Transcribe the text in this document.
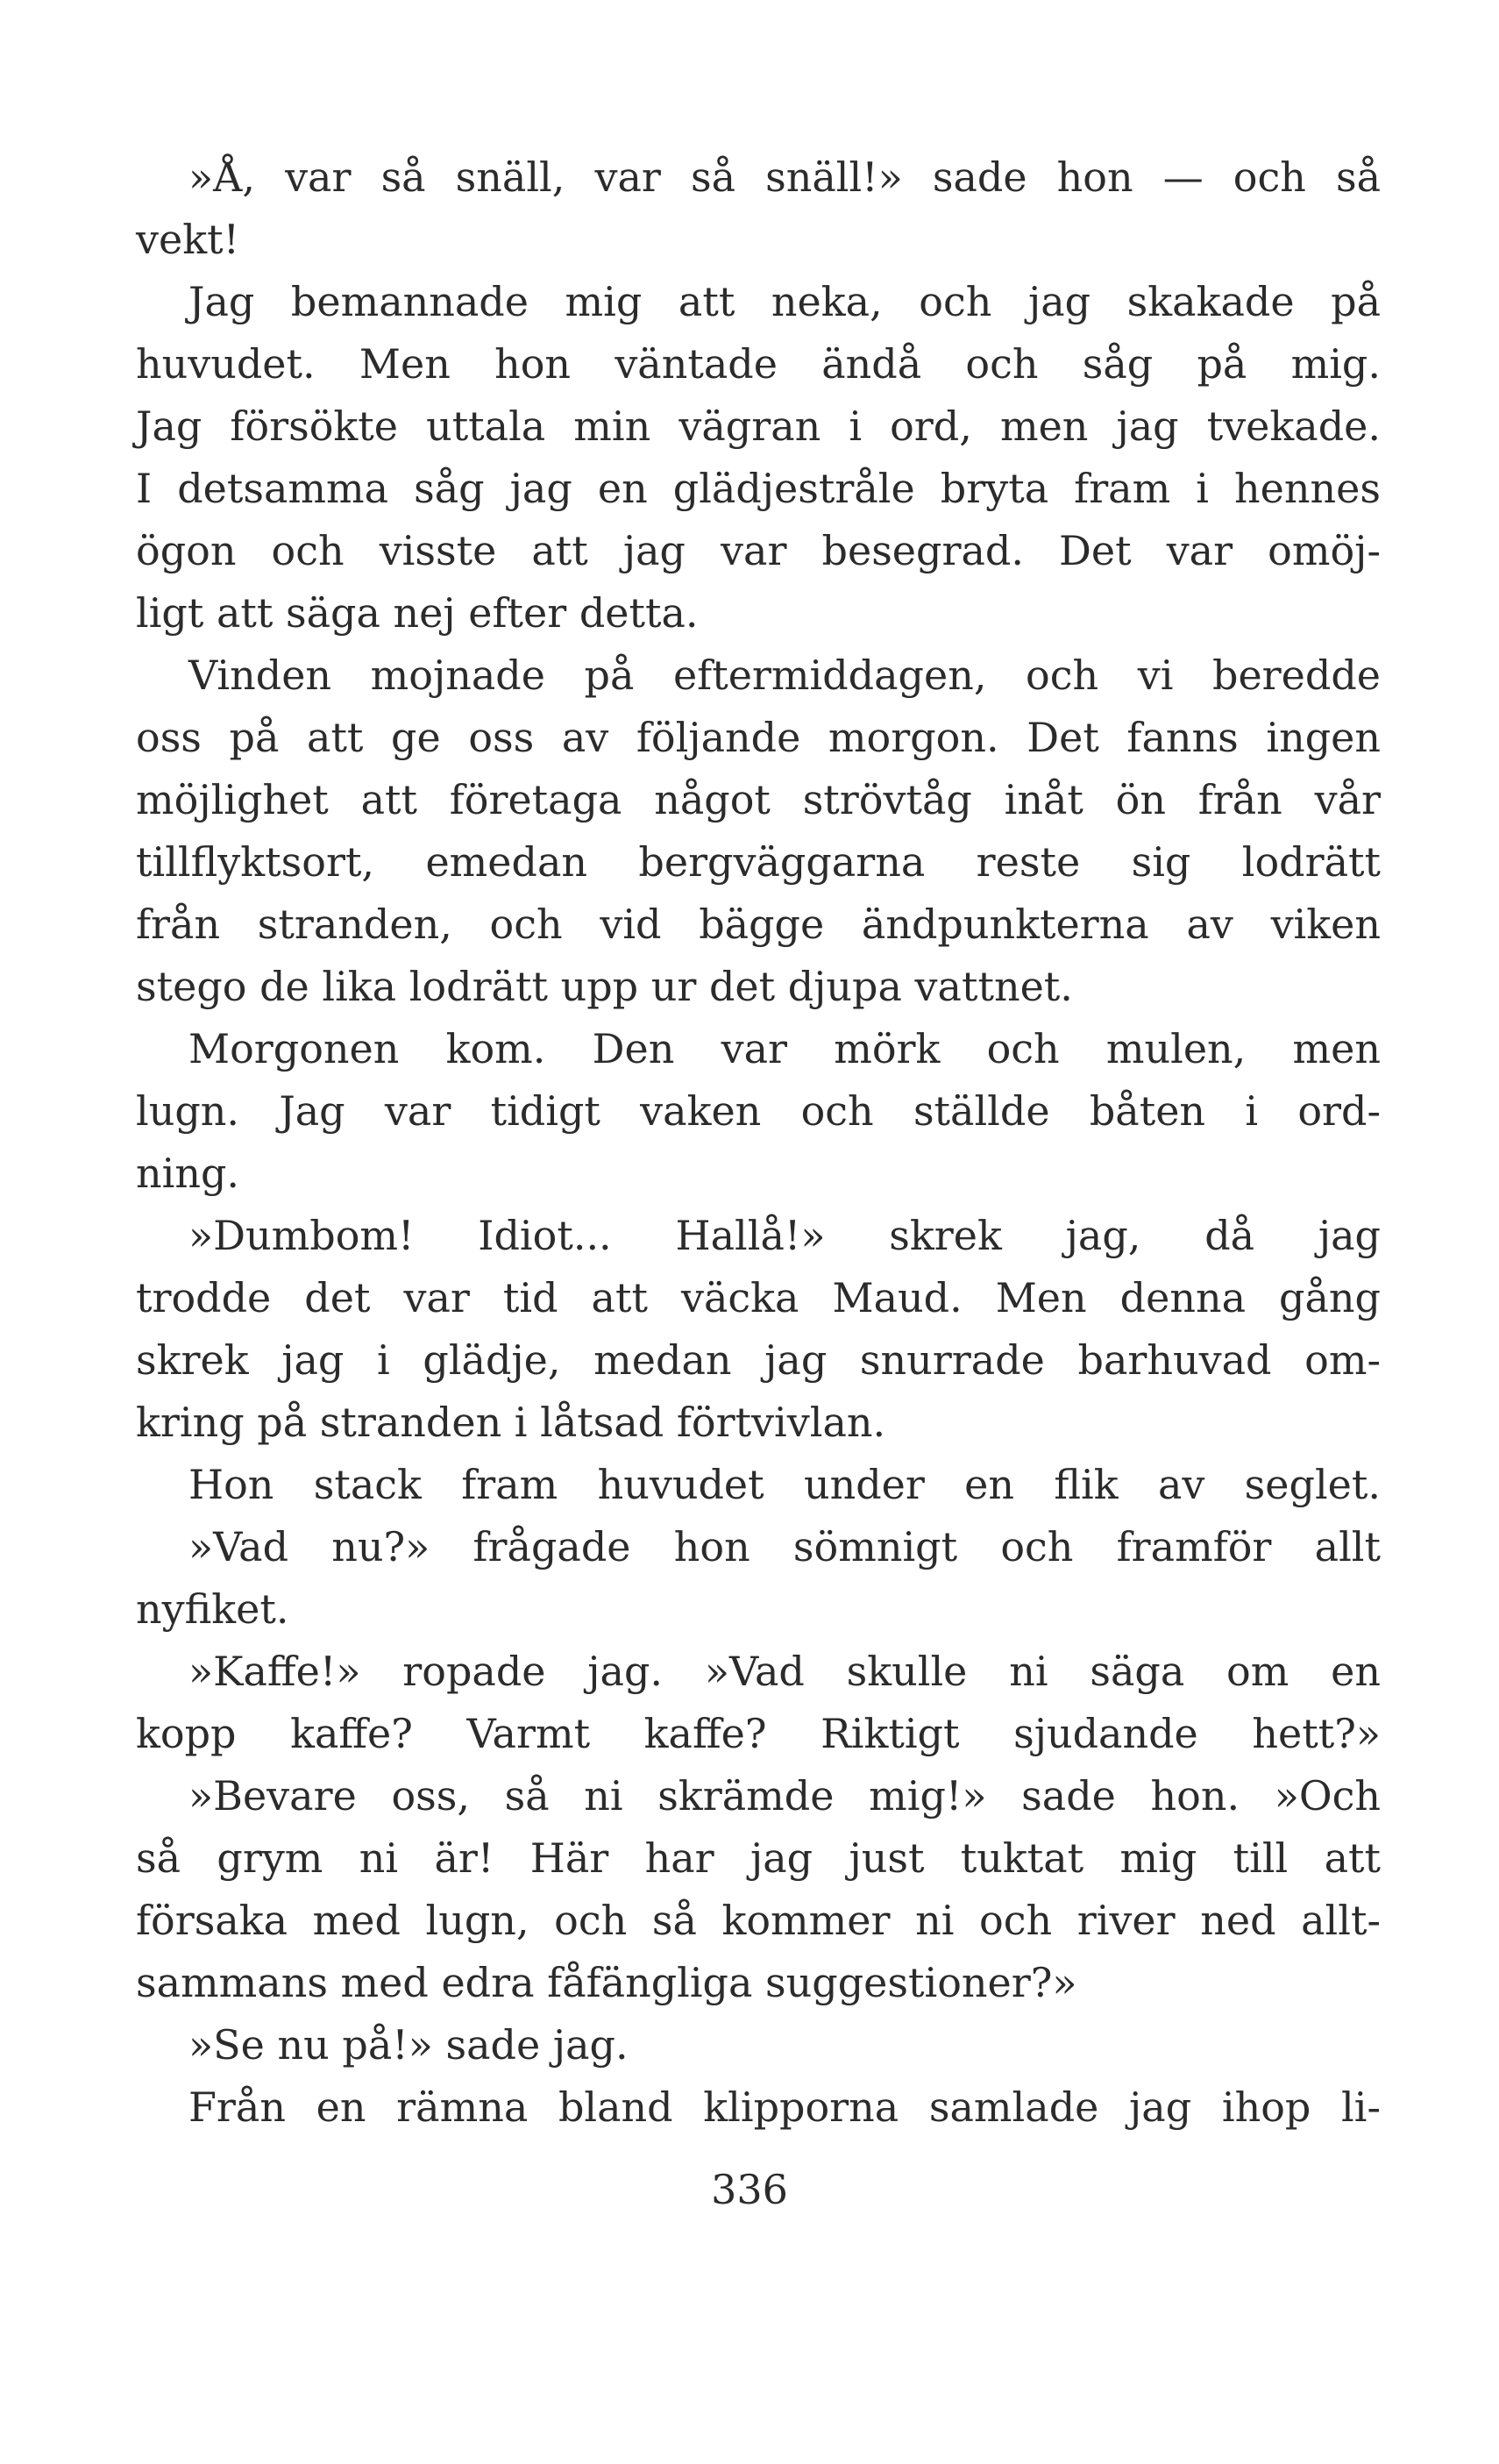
»Å, var så snäll, var så snäll!» sade hon — och så
vekt!
Jag bemannade mig att neka, och jag skakade på
huvudet. Men hon väntade ändå och såg på mig.
Jag försökte uttala min vägran i ord, men jag tvekade.
I detsamma såg jag en glädjestråle bryta fram i hennes
ögon och visste att jag var besegrad. Det var omöj-
ligt att säga nej efter detta.
Vinden mojnade på eftermiddagen, och vi beredde
oss på att ge oss av följande morgon. Det fanns ingen
möjlighet att företaga något strövtåg inåt ön från vår
tillflyktsort, emedan bergväggarna reste sig lodrätt
från stranden, och vid bägge ändpunkterna av viken
stego de lika lodrätt upp ur det djupa vattnet.
Morgonen kom. Den var mörk och mulen, men
lugn. Jag var tidigt vaken och ställde båten i ord-
ning.
»Dumbom! Idiot... Hallå!» skrek jag, då jag
trodde det var tid att väcka Maud. Men denna gång
skrek jag i glädje, medan jag snurrade barhuvad om-
kring på stranden i låtsad förtvivlan.
Hon stack fram huvudet under en flik av seglet.
»Vad nu?» frågade hon sömnigt och framför allt
nyfiket.
»Kaffe!» ropade jag. »Vad skulle ni säga om en
kopp kaffe? Varmt kaffe? Riktigt sjudande hett?»
»Bevare oss, så ni skrämde mig!» sade hon. »Och
så grym ni är! Här har jag just tuktat mig till att
försaka med lugn, och så kommer ni och river ned allt-
sammans med edra fåfängliga suggestioner?»
»Se nu på!» sade jag.
Från en rämna bland klipporna samlade jag ihop li-
336
